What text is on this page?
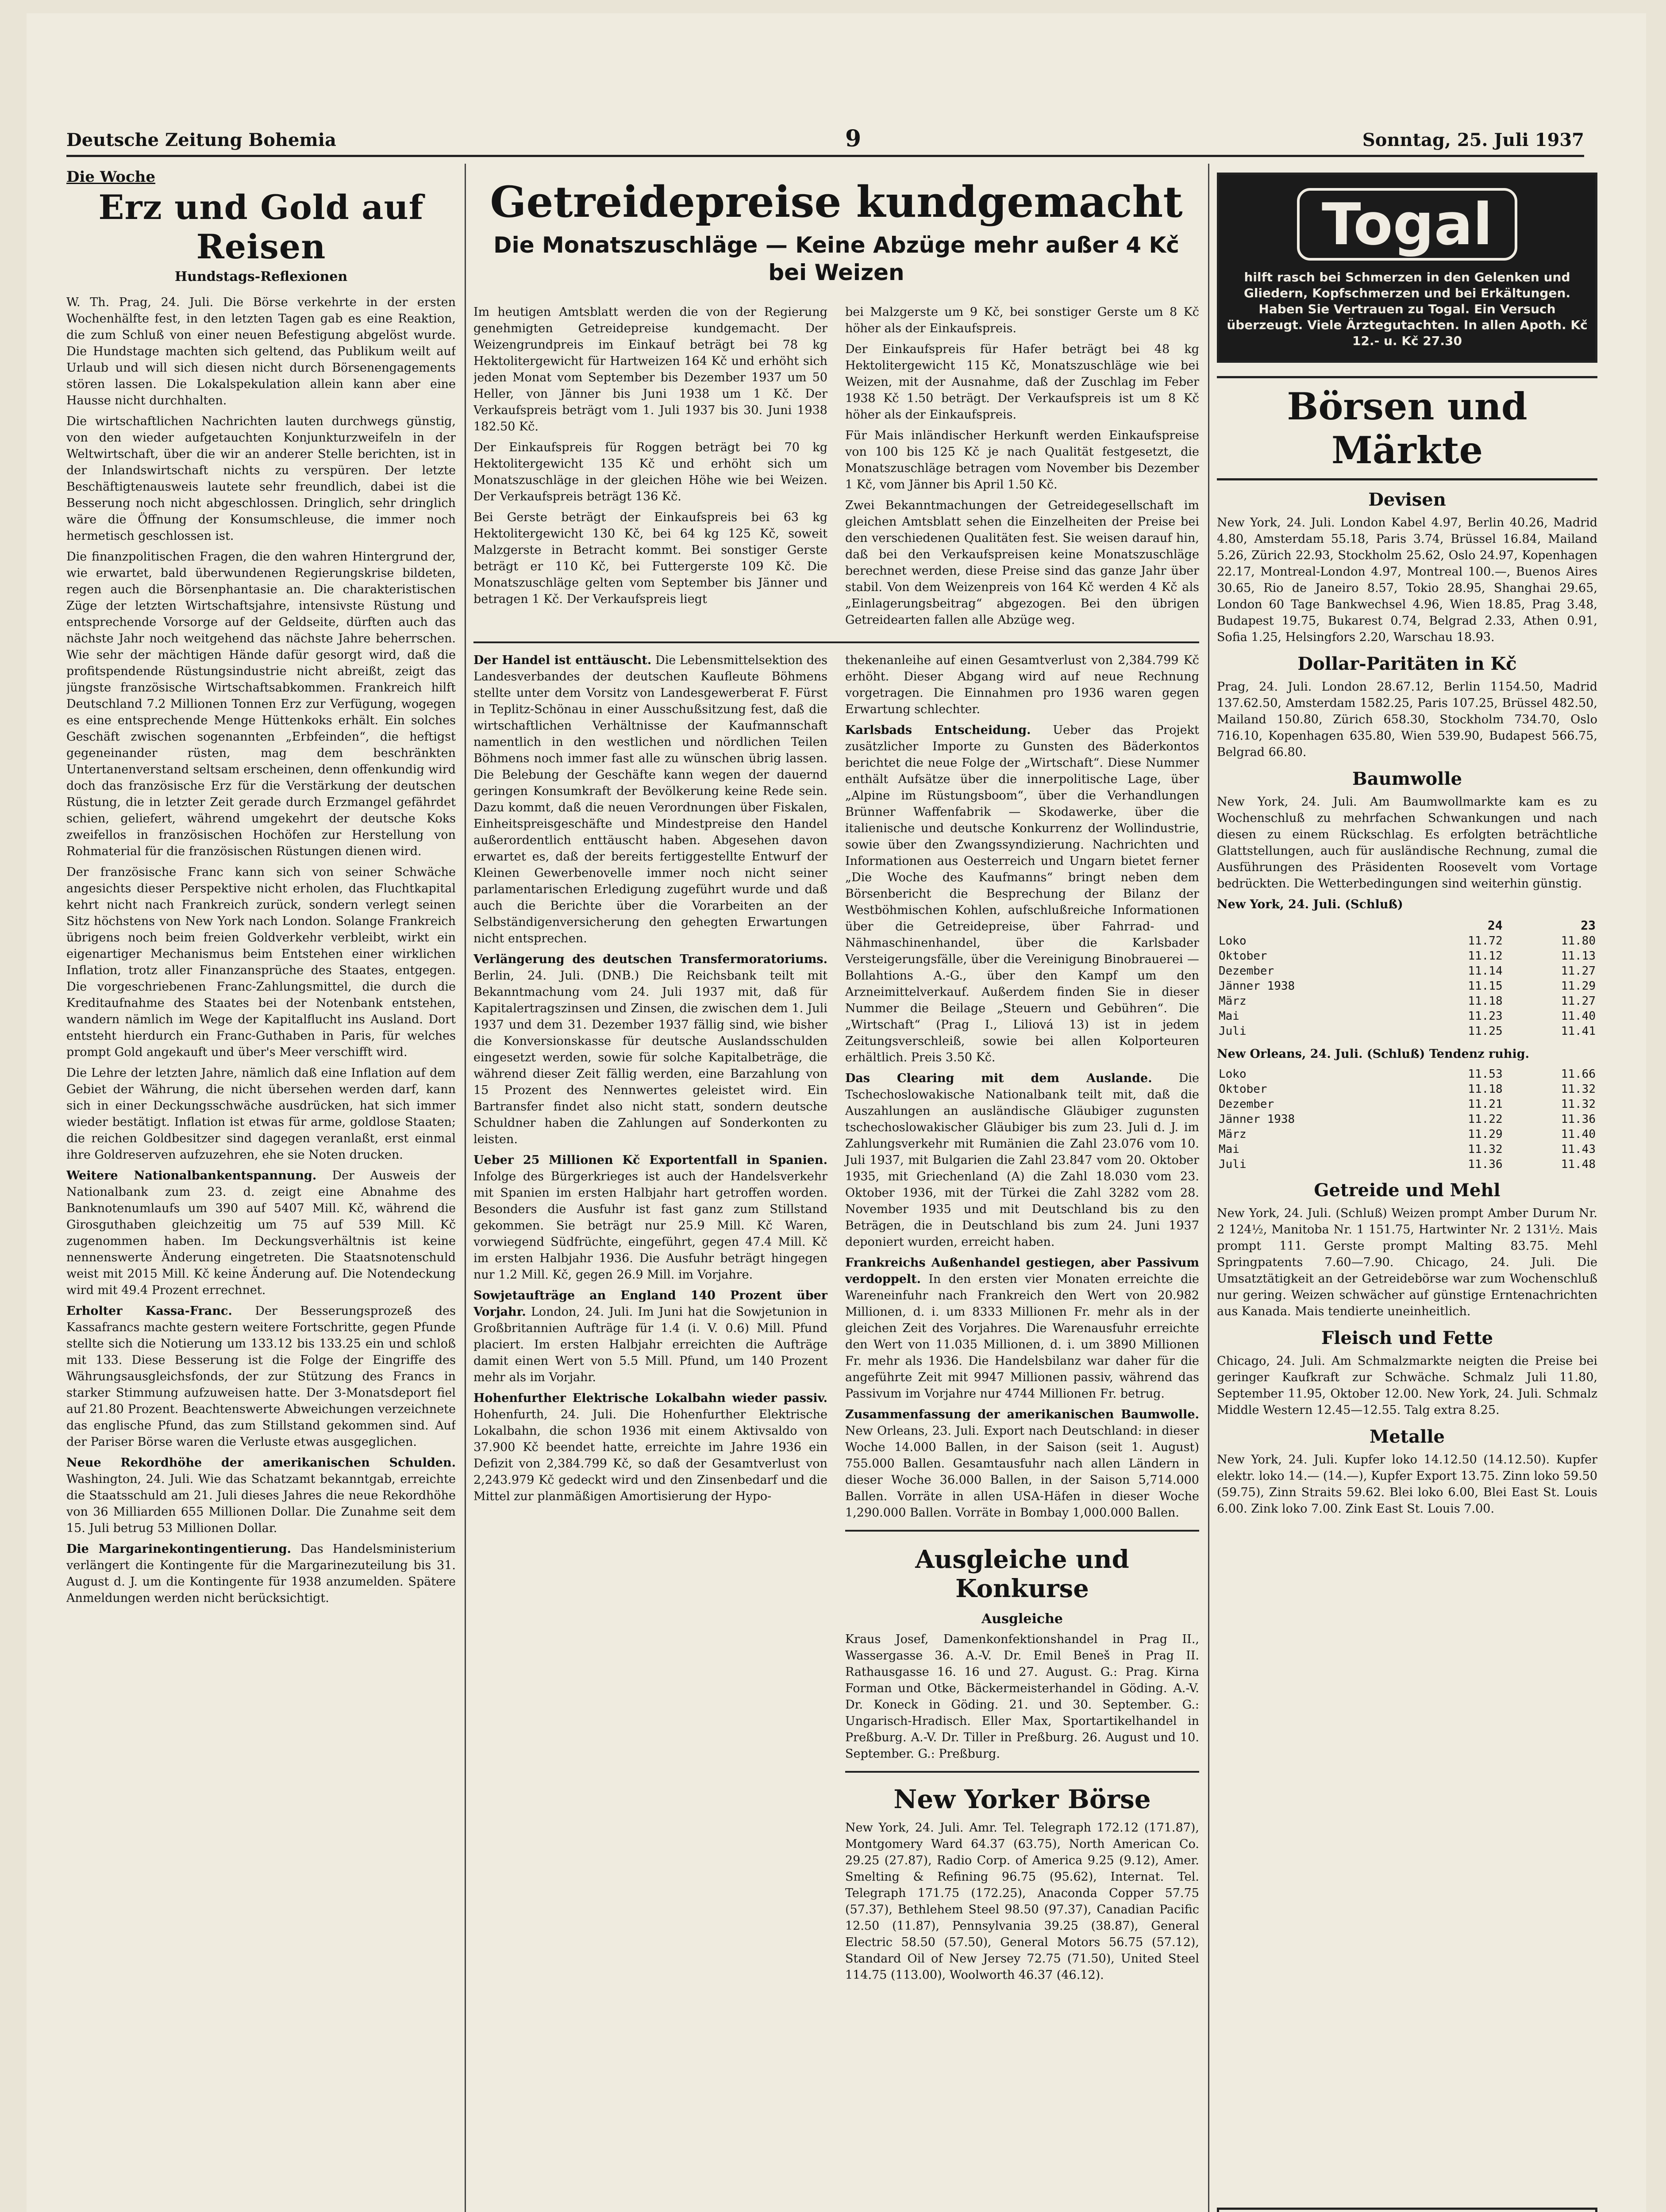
Deutsche Zeitung Bohemia	9	Sonntag, 25. Juli 1937
Die Woche
Erz und Gold auf Reisen
Hundstags-Reflexionen

W. Th. Prag, 24. Juli. Die Börse verkehrte in der ersten Wochenhälfte fest, in den letzten Tagen gab es eine Reaktion, die zum Schluß von einer neuen Befestigung abgelöst wurde. Die Hundstage machten sich geltend, das Publikum weilt auf Urlaub und will sich diesen nicht durch Börsenengagements stören lassen. Die Lokalspekulation allein kann aber eine Hausse nicht durchhalten.

Die wirtschaftlichen Nachrichten lauten durchwegs günstig, von den wieder aufgetauchten Konjunkturzweifeln in der Weltwirtschaft, über die wir an anderer Stelle berichten, ist in der Inlandswirtschaft nichts zu verspüren. Der letzte Beschäftigtenausweis lautete sehr freundlich, dabei ist die Besserung noch nicht abgeschlossen. Dringlich, sehr dringlich wäre die Öffnung der Konsumschleuse, die immer noch hermetisch geschlossen ist.

Die finanzpolitischen Fragen, die den wahren Hintergrund der, wie erwartet, bald überwundenen Regierungskrise bildeten, regen auch die Börsenphantasie an. Die charakteristischen Züge der letzten Wirtschaftsjahre, intensivste Rüstung und entsprechende Vorsorge auf der Geldseite, dürften auch das nächste Jahr noch weitgehend das nächste Jahre beherrschen. Wie sehr der mächtigen Hände dafür gesorgt wird, daß die profitspendende Rüstungsindustrie nicht abreißt, zeigt das jüngste französische Wirtschaftsabkommen. Frankreich hilft Deutschland 7.2 Millionen Tonnen Erz zur Verfügung, wogegen es eine entsprechende Menge Hüttenkoks erhält. Ein solches Geschäft zwischen sogenannten „Erbfeinden“, die heftigst gegeneinander rüsten, mag dem beschränkten Untertanenverstand seltsam erscheinen, denn offenkundig wird doch das französische Erz für die Verstärkung der deutschen Rüstung, die in letzter Zeit gerade durch Erzmangel gefährdet schien, geliefert, während umgekehrt der deutsche Koks zweifellos in französischen Hochöfen zur Herstellung von Rohmaterial für die französischen Rüstungen dienen wird.

Der französische Franc kann sich von seiner Schwäche angesichts dieser Perspektive nicht erholen, das Fluchtkapital kehrt nicht nach Frankreich zurück, sondern verlegt seinen Sitz höchstens von New York nach London. Solange Frankreich übrigens noch beim freien Goldverkehr verbleibt, wirkt ein eigenartiger Mechanismus beim Entstehen einer wirklichen Inflation, trotz aller Finanzansprüche des Staates, entgegen. Die vorgeschriebenen Franc-Zahlungsmittel, die durch die Kreditaufnahme des Staates bei der Notenbank entstehen, wandern nämlich im Wege der Kapitalflucht ins Ausland. Dort entsteht hierdurch ein Franc-Guthaben in Paris, für welches prompt Gold angekauft und über's Meer verschifft wird.

Die Lehre der letzten Jahre, nämlich daß eine Inflation auf dem Gebiet der Währung, die nicht übersehen werden darf, kann sich in einer Deckungsschwäche ausdrücken, hat sich immer wieder bestätigt. Inflation ist etwas für arme, goldlose Staaten; die reichen Goldbesitzer sind dagegen veranlaßt, erst einmal ihre Goldreserven aufzuzehren, ehe sie Noten drucken.

Weitere Nationalbankentspannung. Der Ausweis der Nationalbank zum 23. d. zeigt eine Abnahme des Banknotenumlaufs um 390 auf 5407 Mill. Kč, während die Girosguthaben gleichzeitig um 75 auf 539 Mill. Kč zugenommen haben. Im Deckungsverhältnis ist keine nennenswerte Änderung eingetreten. Die Staatsnotenschuld weist mit 2015 Mill. Kč keine Änderung auf. Die Notendeckung wird mit 49.4 Prozent errechnet.

Erholter Kassa-Franc. Der Besserungsprozeß des Kassafrancs machte gestern weitere Fortschritte, gegen Pfunde stellte sich die Notierung um 133.12 bis 133.25 ein und schloß mit 133. Diese Besserung ist die Folge der Eingriffe des Währungsausgleichsfonds, der zur Stützung des Francs in starker Stimmung aufzuweisen hatte. Der 3-Monatsdeport fiel auf 21.80 Prozent. Beachtenswerte Abweichungen verzeichnete das englische Pfund, das zum Stillstand gekommen sind. Auf der Pariser Börse waren die Verluste etwas ausgeglichen.

Neue Rekordhöhe der amerikanischen Schulden. Washington, 24. Juli. Wie das Schatzamt bekanntgab, erreichte die Staatsschuld am 21. Juli dieses Jahres die neue Rekordhöhe von 36 Milliarden 655 Millionen Dollar. Die Zunahme seit dem 15. Juli betrug 53 Millionen Dollar.

Die Margarinekontingentierung. Das Handelsministerium verlängert die Kontingente für die Margarinezuteilung bis 31. August d. J. um die Kontingente für 1938 anzumelden. Spätere Anmeldungen werden nicht berücksichtigt.

Getreidepreise kundgemacht
Die Monatszuschläge — Keine Abzüge mehr außer 4 Kč bei Weizen

Im heutigen Amtsblatt werden die von der Regierung genehmigten Getreidepreise kundgemacht. Der Weizengrundpreis im Einkauf beträgt bei 78 kg Hektolitergewicht für Hartweizen 164 Kč und erhöht sich jeden Monat vom September bis Dezember 1937 um 50 Heller, von Jänner bis Juni 1938 um 1 Kč. Der Verkaufspreis beträgt vom 1. Juli 1937 bis 30. Juni 1938 182.50 Kč.

Der Einkaufspreis für Roggen beträgt bei 70 kg Hektolitergewicht 135 Kč und erhöht sich um Monatszuschläge in der gleichen Höhe wie bei Weizen. Der Verkaufspreis beträgt 136 Kč.

Bei Gerste beträgt der Einkaufspreis bei 63 kg Hektolitergewicht 130 Kč, bei 64 kg 125 Kč, soweit Malzgerste in Betracht kommt. Bei sonstiger Gerste beträgt er 110 Kč, bei Futtergerste 109 Kč. Die Monatszuschläge gelten vom September bis Jänner und betragen 1 Kč. Der Verkaufspreis liegt

bei Malzgerste um 9 Kč, bei sonstiger Gerste um 8 Kč höher als der Einkaufspreis.

Der Einkaufspreis für Hafer beträgt bei 48 kg Hektolitergewicht 115 Kč, Monatszuschläge wie bei Weizen, mit der Ausnahme, daß der Zuschlag im Feber 1938 Kč 1.50 beträgt. Der Verkaufspreis ist um 8 Kč höher als der Einkaufspreis.

Für Mais inländischer Herkunft werden Einkaufspreise von 100 bis 125 Kč je nach Qualität festgesetzt, die Monatszuschläge betragen vom November bis Dezember 1 Kč, vom Jänner bis April 1.50 Kč.

Zwei Bekanntmachungen der Getreidegesellschaft im gleichen Amtsblatt sehen die Einzelheiten der Preise bei den verschiedenen Qualitäten fest. Sie weisen darauf hin, daß bei den Verkaufspreisen keine Monatszuschläge berechnet werden, diese Preise sind das ganze Jahr über stabil. Von dem Weizenpreis von 164 Kč werden 4 Kč als „Einlagerungsbeitrag“ abgezogen. Bei den übrigen Getreidearten fallen alle Abzüge weg.

Der Handel ist enttäuscht. Die Lebensmittelsektion des Landesverbandes der deutschen Kaufleute Böhmens stellte unter dem Vorsitz von Landesgewerberat F. Fürst in Teplitz-Schönau in einer Ausschußsitzung fest, daß die wirtschaftlichen Verhältnisse der Kaufmannschaft namentlich in den westlichen und nördlichen Teilen Böhmens noch immer fast alle zu wünschen übrig lassen. Die Belebung der Geschäfte kann wegen der dauernd geringen Konsumkraft der Bevölkerung keine Rede sein. Dazu kommt, daß die neuen Verordnungen über Fiskalen, Einheitspreisgeschäfte und Mindestpreise den Handel außerordentlich enttäuscht haben. Abgesehen davon erwartet es, daß der bereits fertiggestellte Entwurf der Kleinen Gewerbenovelle immer noch nicht seiner parlamentarischen Erledigung zugeführt wurde und daß auch die Berichte über die Vorarbeiten an der Selbständigenversicherung den gehegten Erwartungen nicht entsprechen.

Verlängerung des deutschen Transfermoratoriums. Berlin, 24. Juli. (DNB.) Die Reichsbank teilt mit Bekanntmachung vom 24. Juli 1937 mit, daß für Kapitalertragszinsen und Zinsen, die zwischen dem 1. Juli 1937 und dem 31. Dezember 1937 fällig sind, wie bisher die Konversionskasse für deutsche Auslandsschulden eingesetzt werden, sowie für solche Kapitalbeträge, die während dieser Zeit fällig werden, eine Barzahlung von 15 Prozent des Nennwertes geleistet wird. Ein Bartransfer findet also nicht statt, sondern deutsche Schuldner haben die Zahlungen auf Sonderkonten zu leisten.

Ueber 25 Millionen Kč Exportentfall in Spanien. Infolge des Bürgerkrieges ist auch der Handelsverkehr mit Spanien im ersten Halbjahr hart getroffen worden. Besonders die Ausfuhr ist fast ganz zum Stillstand gekommen. Sie beträgt nur 25.9 Mill. Kč Waren, vorwiegend Südfrüchte, eingeführt, gegen 47.4 Mill. Kč im ersten Halbjahr 1936. Die Ausfuhr beträgt hingegen nur 1.2 Mill. Kč, gegen 26.9 Mill. im Vorjahre.

Sowjetaufträge an England 140 Prozent über Vorjahr. London, 24. Juli. Im Juni hat die Sowjetunion in Großbritannien Aufträge für 1.4 (i. V. 0.6) Mill. Pfund placiert. Im ersten Halbjahr erreichten die Aufträge damit einen Wert von 5.5 Mill. Pfund, um 140 Prozent mehr als im Vorjahr.

Hohenfurther Elektrische Lokalbahn wieder passiv. Hohenfurth, 24. Juli. Die Hohenfurther Elektrische Lokalbahn, die schon 1936 mit einem Aktivsaldo von 37.900 Kč beendet hatte, erreichte im Jahre 1936 ein Defizit von 2,384.799 Kč, so daß der Gesamtverlust von 2,243.979 Kč gedeckt wird und den Zinsenbedarf und die Mittel zur planmäßigen Amortisierung der Hypo-

thekenanleihe auf einen Gesamtverlust von 2,384.799 Kč erhöht. Dieser Abgang wird auf neue Rechnung vorgetragen. Die Einnahmen pro 1936 waren gegen Erwartung schlechter.

Karlsbads Entscheidung. Ueber das Projekt zusätzlicher Importe zu Gunsten des Bäderkontos berichtet die neue Folge der „Wirtschaft“. Diese Nummer enthält Aufsätze über die innerpolitische Lage, über „Alpine im Rüstungsboom“, über die Verhandlungen Brünner Waffenfabrik — Skodawerke, über die italienische und deutsche Konkurrenz der Wollindustrie, sowie über den Zwangssyndizierung. Nachrichten und Informationen aus Oesterreich und Ungarn bietet ferner „Die Woche des Kaufmanns“ bringt neben dem Börsenbericht die Besprechung der Bilanz der Westböhmischen Kohlen, aufschlußreiche Informationen über die Getreidepreise, über Fahrrad- und Nähmaschinenhandel, über die Karlsbader Versteigerungsfälle, über die Vereinigung Binobrauerei — Bollahtions A.-G., über den Kampf um den Arzneimittelverkauf. Außerdem finden Sie in dieser Nummer die Beilage „Steuern und Gebühren“. Die „Wirtschaft“ (Prag I., Liliová 13) ist in jedem Zeitungsverschleiß, sowie bei allen Kolporteuren erhältlich. Preis 3.50 Kč.

Das Clearing mit dem Auslande. Die Tschechoslowakische Nationalbank teilt mit, daß die Auszahlungen an ausländische Gläubiger zugunsten tschechoslowakischer Gläubiger bis zum 23. Juli d. J. im Zahlungsverkehr mit Rumänien die Zahl 23.076 vom 10. Juli 1937, mit Bulgarien die Zahl 23.847 vom 20. Oktober 1935, mit Griechenland (A) die Zahl 18.030 vom 23. Oktober 1936, mit der Türkei die Zahl 3282 vom 28. November 1935 und mit Deutschland bis zu den Beträgen, die in Deutschland bis zum 24. Juni 1937 deponiert wurden, erreicht haben.

Frankreichs Außenhandel gestiegen, aber Passivum verdoppelt. In den ersten vier Monaten erreichte die Wareneinfuhr nach Frankreich den Wert von 20.982 Millionen, d. i. um 8333 Millionen Fr. mehr als in der gleichen Zeit des Vorjahres. Die Warenausfuhr erreichte den Wert von 11.035 Millionen, d. i. um 3890 Millionen Fr. mehr als 1936. Die Handelsbilanz war daher für die angeführte Zeit mit 9947 Millionen passiv, während das Passivum im Vorjahre nur 4744 Millionen Fr. betrug.

Zusammenfassung der amerikanischen Baumwolle. New Orleans, 23. Juli. Export nach Deutschland: in dieser Woche 14.000 Ballen, in der Saison (seit 1. August) 755.000 Ballen. Gesamtausfuhr nach allen Ländern in dieser Woche 36.000 Ballen, in der Saison 5,714.000 Ballen. Vorräte in allen USA-Häfen in dieser Woche 1,290.000 Ballen. Vorräte in Bombay 1,000.000 Ballen.

Ausgleiche und Konkurse
Ausgleiche

Kraus Josef, Damenkonfektionshandel in Prag II., Wassergasse 36. A.-V. Dr. Emil Beneš in Prag II. Rathausgasse 16. 16 und 27. August. G.: Prag. Kirna Forman und Otke, Bäckermeisterhandel in Göding. A.-V. Dr. Koneck in Göding. 21. und 30. September. G.: Ungarisch-Hradisch. Eller Max, Sportartikelhandel in Preßburg. A.-V. Dr. Tiller in Preßburg. 26. August und 10. September. G.: Preßburg.

New Yorker Börse

New York, 24. Juli. Amr. Tel. Telegraph 172.12 (171.87), Montgomery Ward 64.37 (63.75), North American Co. 29.25 (27.87), Radio Corp. of America 9.25 (9.12), Amer. Smelting & Refining 96.75 (95.62), Internat. Tel. Telegraph 171.75 (172.25), Anaconda Copper 57.75 (57.37), Bethlehem Steel 98.50 (97.37), Canadian Pacific 12.50 (11.87), Pennsylvania 39.25 (38.87), General Electric 58.50 (57.50), General Motors 56.75 (57.12), Standard Oil of New Jersey 72.75 (71.50), United Steel 114.75 (113.00), Woolworth 46.37 (46.12).

Togal
hilft rasch bei Schmerzen in den Gelenken und Gliedern, Kopfschmerzen und bei Erkältungen. Haben Sie Vertrauen zu Togal. Ein Versuch überzeugt. Viele Ärztegutachten. In allen Apoth. Kč 12.- u. Kč 27.30
Börsen und Märkte
Devisen

New York, 24. Juli. London Kabel 4.97, Berlin 40.26, Madrid 4.80, Amsterdam 55.18, Paris 3.74, Brüssel 16.84, Mailand 5.26, Zürich 22.93, Stockholm 25.62, Oslo 24.97, Kopenhagen 22.17, Montreal-London 4.97, Montreal 100.—, Buenos Aires 30.65, Rio de Janeiro 8.57, Tokio 28.95, Shanghai 29.65, London 60 Tage Bankwechsel 4.96, Wien 18.85, Prag 3.48, Budapest 19.75, Bukarest 0.74, Belgrad 2.33, Athen 0.91, Sofia 1.25, Helsingfors 2.20, Warschau 18.93.

Dollar-Paritäten in Kč

Prag, 24. Juli. London 28.67.12, Berlin 1154.50, Madrid 137.62.50, Amsterdam 1582.25, Paris 107.25, Brüssel 482.50, Mailand 150.80, Zürich 658.30, Stockholm 734.70, Oslo 716.10, Kopenhagen 635.80, Wien 539.90, Budapest 566.75, Belgrad 66.80.

Baumwolle

New York, 24. Juli. Am Baumwollmarkte kam es zu Wochenschluß zu mehrfachen Schwankungen und nach diesen zu einem Rückschlag. Es erfolgten beträchtliche Glattstellungen, auch für ausländische Rechnung, zumal die Ausführungen des Präsidenten Roosevelt vom Vortage bedrückten. Die Wetterbedingungen sind weiterhin günstig.

New York, 24. Juli. (Schluß)

	24	23
Loko	11.72	11.80
Oktober	11.12	11.13
Dezember	11.14	11.27
Jänner 1938	11.15	11.29
März	11.18	11.27
Mai	11.23	11.40
Juli	11.25	11.41

New Orleans, 24. Juli. (Schluß) Tendenz ruhig.

Loko	11.53	11.66
Oktober	11.18	11.32
Dezember	11.21	11.32
Jänner 1938	11.22	11.36
März	11.29	11.40
Mai	11.32	11.43
Juli	11.36	11.48
Getreide und Mehl

New York, 24. Juli. (Schluß) Weizen prompt Amber Durum Nr. 2 124½, Manitoba Nr. 1 151.75, Hartwinter Nr. 2 131½. Mais prompt 111. Gerste prompt Malting 83.75. Mehl Springpatents 7.60—7.90. Chicago, 24. Juli. Die Umsatztätigkeit an der Getreidebörse war zum Wochenschluß nur gering. Weizen schwächer auf günstige Erntenachrichten aus Kanada. Mais tendierte uneinheitlich.

Fleisch und Fette

Chicago, 24. Juli. Am Schmalzmarkte neigten die Preise bei geringer Kaufkraft zur Schwäche. Schmalz Juli 11.80, September 11.95, Oktober 12.00. New York, 24. Juli. Schmalz Middle Western 12.45—12.55. Talg extra 8.25.

Metalle

New York, 24. Juli. Kupfer loko 14.12.50 (14.12.50). Kupfer elektr. loko 14.— (14.—), Kupfer Export 13.75. Zinn loko 59.50 (59.75), Zinn Straits 59.62. Blei loko 6.00, Blei East St. Louis 6.00. Zink loko 7.00. Zink East St. Louis 7.00.
